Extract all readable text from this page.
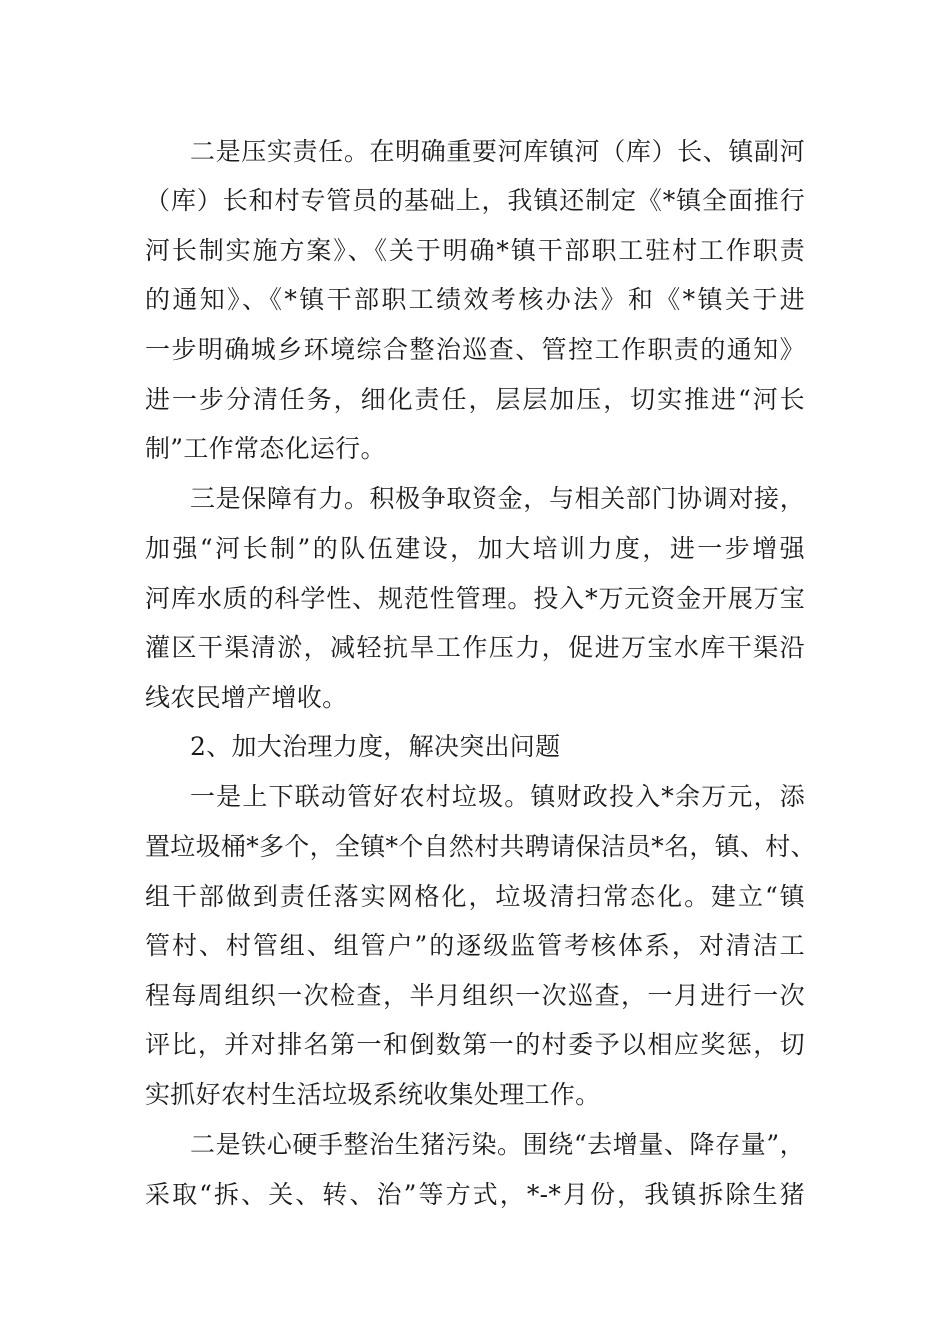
二是压实责任。在明确重要河库镇河（库）长、镇副河
（库）长和村专管员的基础上，我镇还制定《*镇全面推行
河长制实施方案》、《关于明确*镇干部职工驻村工作职责
的通知》、《*镇干部职工绩效考核办法》和《*镇关于进
一步明确城乡环境综合整治巡查、管控工作职责的通知》
进一步分清任务，细化责任，层层加压，切实推进“河长
制”工作常态化运行。
三是保障有力。积极争取资金，与相关部门协调对接，
加强“河长制”的队伍建设，加大培训力度，进一步增强
河库水质的科学性、规范性管理。投入*万元资金开展万宝
灌区干渠清淤，减轻抗旱工作压力，促进万宝水库干渠沿
线农民增产增收。
2、加大治理力度，解决突出问题
一是上下联动管好农村垃圾。镇财政投入*余万元，添
置垃圾桶*多个，全镇*个自然村共聘请保洁员*名，镇、村、
组干部做到责任落实网格化，垃圾清扫常态化。建立“镇
管村、村管组、组管户”的逐级监管考核体系，对清洁工
程每周组织一次检查，半月组织一次巡查，一月进行一次
评比，并对排名第一和倒数第一的村委予以相应奖惩，切
实抓好农村生活垃圾系统收集处理工作。
二是铁心硬手整治生猪污染。围绕“去增量、降存量”，
采取“拆、关、转、治”等方式，*-*月份，我镇拆除生猪
